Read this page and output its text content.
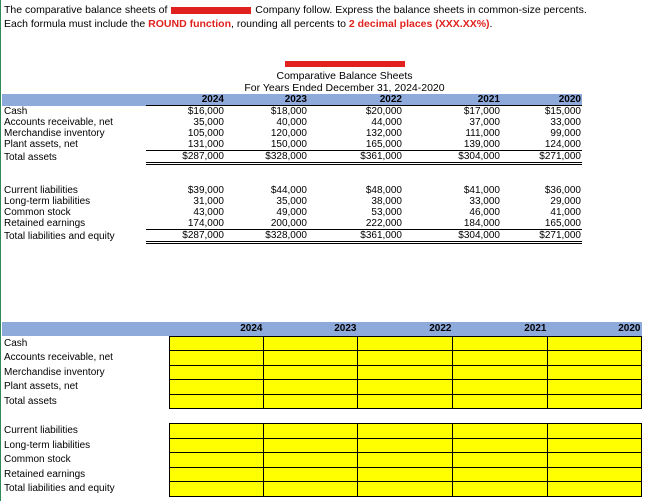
The comparative balance sheets of	Company follow. Express the balance sheets in common-size percents.
Each formula must include the ROUND function, rounding all percents to 2 decimal places (XXX.XX%).
Comparative Balance Sheets
For Years Ended December 31, 2024-2020
	2024	2023	2022	2021	2020
Cash	$16,000	$18,000	$20,000	$17,000	$15,000
Accounts receivable, net	35,000	40,000	44,000	37,000	33,000
Merchandise inventory	105,000	120,000	132,000	111,000	99,000
Plant assets, net	131,000	150,000	165,000	139,000	124,000
Total assets	$287,000	$328,000	$361,000	$304,000	$271,000

Current liabilities	$39,000	$44,000	$48,000	$41,000	$36,000
Long-term liabilities	31,000	35,000	38,000	33,000	29,000
Common stock	43,000	49,000	53,000	46,000	41,000
Retained earnings	174,000	200,000	222,000	184,000	165,000
Total liabilities and equity	$287,000	$328,000	$361,000	$304,000	$271,000
	2024	2023	2022	2021	2020
Cash					
Accounts receivable, net					
Merchandise inventory					
Plant assets, net					
Total assets					

Current liabilities					
Long-term liabilities					
Common stock					
Retained earnings					
Total liabilities and equity					
